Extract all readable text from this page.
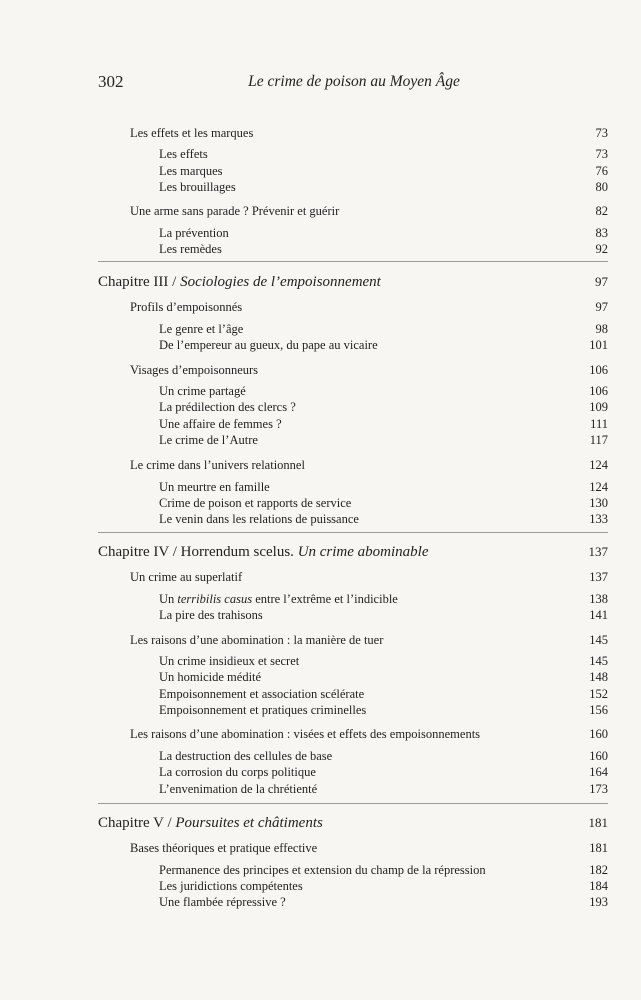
302	Le crime de poison au Moyen Âge
Les effets et les marques	73
Les effets	73
Les marques	76
Les brouillages	80
Une arme sans parade ? Prévenir et guérir	82
La prévention	83
Les remèdes	92
Chapitre III / Sociologies de l’empoisonnement	97
Profils d’empoisonnés	97
Le genre et l’âge	98
De l’empereur au gueux, du pape au vicaire	101
Visages d’empoisonneurs	106
Un crime partagé	106
La prédilection des clercs ?	109
Une affaire de femmes ?	111
Le crime de l’Autre	117
Le crime dans l’univers relationnel	124
Un meurtre en famille	124
Crime de poison et rapports de service	130
Le venin dans les relations de puissance	133
Chapitre IV / Horrendum scelus. Un crime abominable	137
Un crime au superlatif	137
Un terribilis casus entre l’extrême et l’indicible	138
La pire des trahisons	141
Les raisons d’une abomination : la manière de tuer	145
Un crime insidieux et secret	145
Un homicide médité	148
Empoisonnement et association scélérate	152
Empoisonnement et pratiques criminelles	156
Les raisons d’une abomination : visées et effets des empoisonnements	160
La destruction des cellules de base	160
La corrosion du corps politique	164
L’envenimation de la chrétienté	173
Chapitre V / Poursuites et châtiments	181
Bases théoriques et pratique effective	181
Permanence des principes et extension du champ de la répression	182
Les juridictions compétentes	184
Une flambée répressive ?	193
